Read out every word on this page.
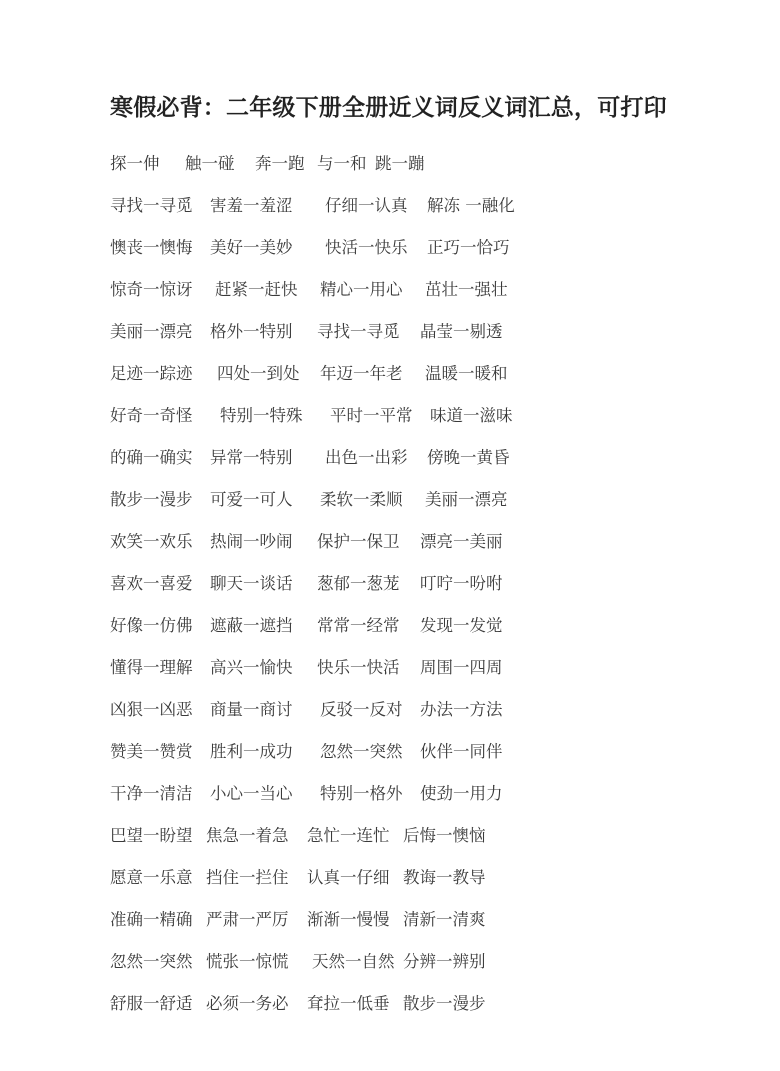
寒假必背：二年级下册全册近义词反义词汇总，可打印
探一伸 触一碰 奔一跑 与一和 跳一蹦
寻找一寻觅 害羞一羞涩 仔细一认真 解冻 一融化
懊丧一懊悔 美好一美妙 快活一快乐 正巧一恰巧
惊奇一惊讶 赶紧一赶快 精心一用心 茁壮一强壮
美丽一漂亮 格外一特别 寻找一寻觅 晶莹一剔透
足迹一踪迹 四处一到处 年迈一年老 温暖一暖和
好奇一奇怪 特别一特殊 平时一平常 味道一滋味
的确一确实 异常一特别 出色一出彩 傍晚一黄昏
散步一漫步 可爱一可人 柔软一柔顺 美丽一漂亮
欢笑一欢乐 热闹一吵闹 保护一保卫 漂亮一美丽
喜欢一喜爱 聊天一谈话 葱郁一葱茏 叮咛一吩咐
好像一仿佛 遮蔽一遮挡 常常一经常 发现一发觉
懂得一理解 高兴一愉快 快乐一快活 周围一四周
凶狠一凶恶 商量一商讨 反驳一反对 办法一方法
赞美一赞赏 胜利一成功 忽然一突然 伙伴一同伴
干净一清洁 小心一当心 特别一格外 使劲一用力
巴望一盼望 焦急一着急 急忙一连忙 后悔一懊恼
愿意一乐意 挡住一拦住 认真一仔细 教诲一教导
准确一精确 严肃一严厉 渐渐一慢慢 清新一清爽
忽然一突然 慌张一惊慌 天然一自然 分辨一辨别
舒服一舒适 必须一务必 耷拉一低垂 散步一漫步
